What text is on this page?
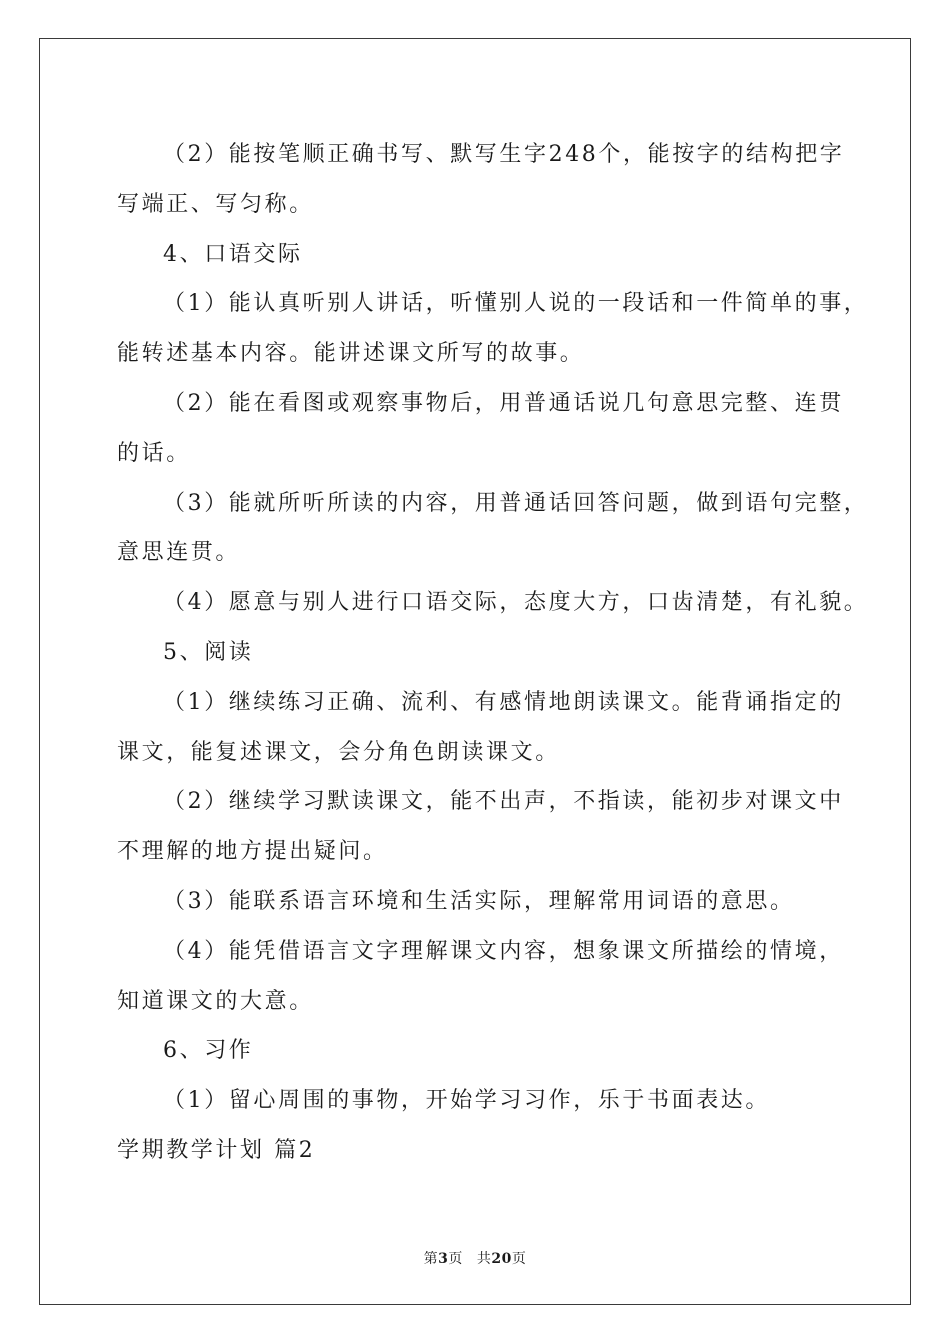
（2）能按笔顺正确书写、默写生字248个，能按字的结构把字
写端正、写匀称。
4、口语交际
（1）能认真听别人讲话，听懂别人说的一段话和一件简单的事，
能转述基本内容。能讲述课文所写的故事。
（2）能在看图或观察事物后，用普通话说几句意思完整、连贯
的话。
（3）能就所听所读的内容，用普通话回答问题，做到语句完整，
意思连贯。
（4）愿意与别人进行口语交际，态度大方，口齿清楚，有礼貌。
5、阅读
（1）继续练习正确、流利、有感情地朗读课文。能背诵指定的
课文，能复述课文，会分角色朗读课文。
（2）继续学习默读课文，能不出声，不指读，能初步对课文中
不理解的地方提出疑问。
（3）能联系语言环境和生活实际，理解常用词语的意思。
（4）能凭借语言文字理解课文内容，想象课文所描绘的情境，
知道课文的大意。
6、习作
（1）留心周围的事物，开始学习习作，乐于书面表达。
学期教学计划 篇2
第3页 共20页
